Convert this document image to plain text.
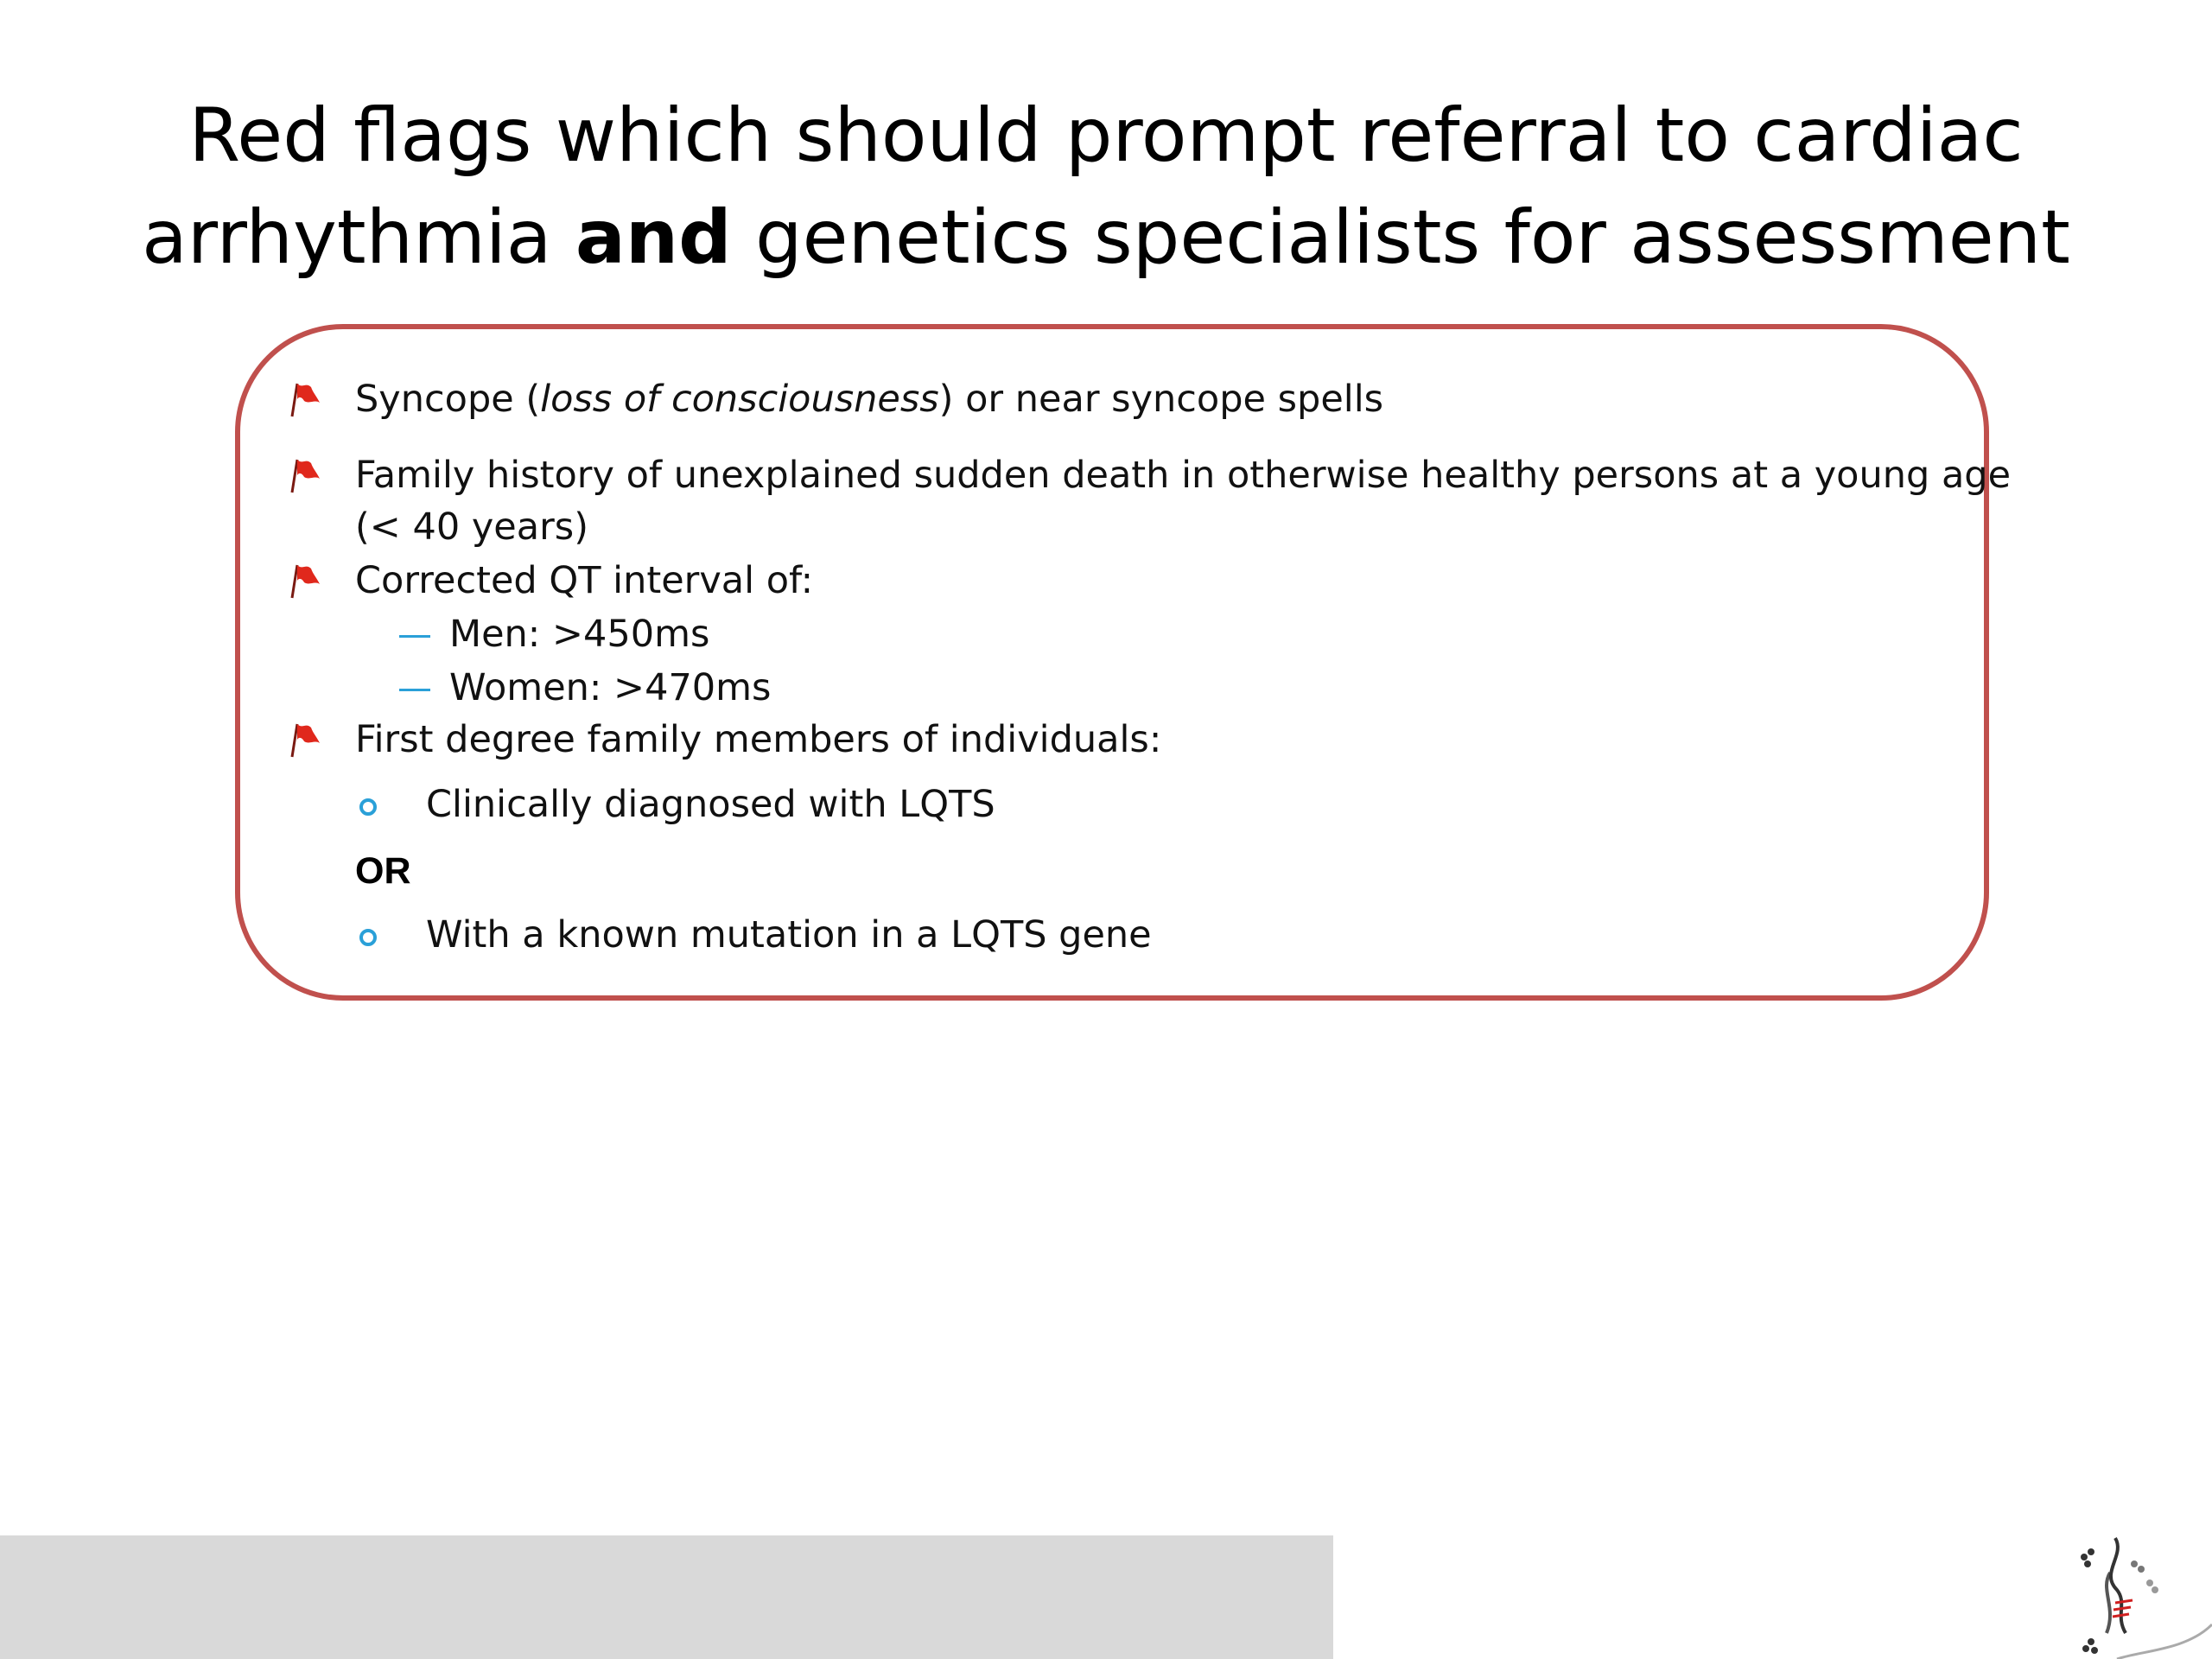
Red flags which should prompt referral to cardiac
arrhythmia and genetics specialists for assessment
Syncope (loss of consciousness) or near syncope spells
Family history of unexplained sudden death in otherwise healthy persons at a young age
(< 40 years)
Corrected QT interval of:
Men: >450ms
Women: >470ms
First degree family members of individuals:
Clinically diagnosed with LQTS
OR
With a known mutation in a LQTS gene
